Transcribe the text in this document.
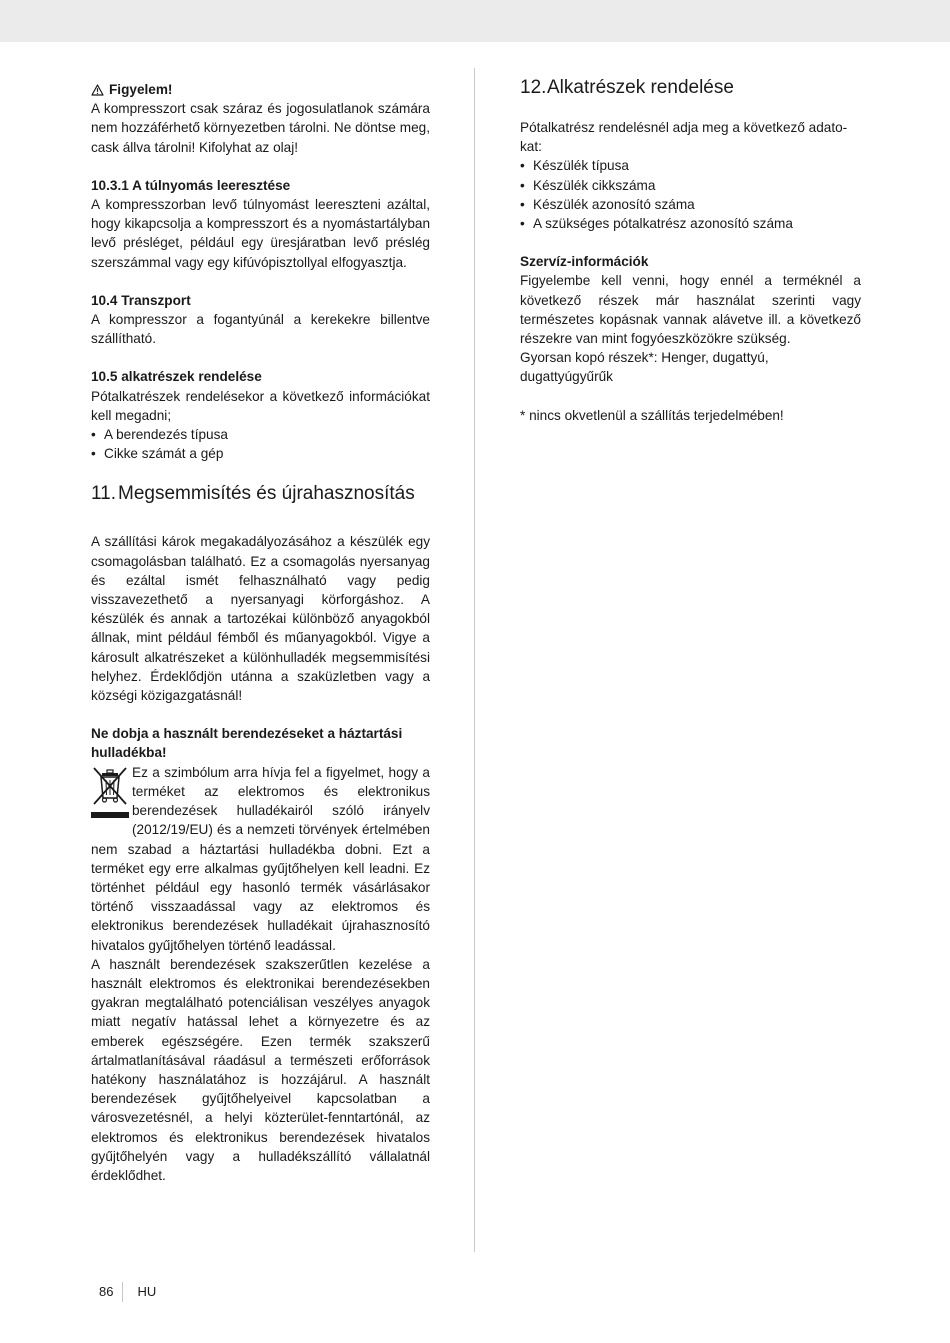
Figyelem!

A kompresszort csak száraz és jogosulatlanok számára nem hozzáférhető környezetben tárolni. Ne döntse meg, cask állva tárolni! Kifolyhat az olaj!

10.3.1 A túlnyomás leeresztése

A kompresszorban levő túlnyomást leereszteni azáltal, hogy kikapcsolja a kompresszort és a nyomástartályban levő présléget, például egy üresjáratban levő préslég szerszámmal vagy egy kifúvópisztollyal elfogyasztja.

10.4 Transzport

A kompresszor a fogantyúnál a kerekekre billentve szállítható.

10.5 alkatrészek rendelése

Pótalkatrészek rendelésekor a következő információkat kell megadni;

• A berendezés típusa
• Cikke számát a gép
11. Megsemmisítés és újrahasznosítás

A szállítási károk megakadályozásához a készülék egy csomagolásban található. Ez a csomagolás nyersanyag és ezáltal ismét felhasználható vagy pedig visszavezethető a nyersanyagi körforgáshoz. A készülék és annak a tartozékai különböző anyagokból állnak, mint például fémből és műanyagokból. Vigye a károsult alkatrészeket a különhulladék megsemmisítési helyhez. Érdeklődjön utánna a szaküzletben vagy a községi közigazgatásnál!

Ne dobja a használt berendezéseket a háztartási hulladékba!

Ez a szimbólum arra hívja fel a figyelmet, hogy a terméket az elektromos és elektronikus berendezések hulladékairól szóló irányelv (2012/19/EU) és a nemzeti törvények értelmében nem szabad a háztartási hulladékba dobni. Ezt a terméket egy erre alkalmas gyűjtőhelyen kell leadni. Ez történhet például egy hasonló termék vásárlásakor történő visszaadással vagy az elektromos és elektronikus berendezések hulladékait újrahasznosító hivatalos gyűjtőhelyen történő leadással.

A használt berendezések szakszerűtlen kezelése a használt elektromos és elektronikai berendezésekben gyakran megtalálható potenciálisan veszélyes anyagok miatt negatív hatással lehet a környezetre és az emberek egészségére. Ezen termék szakszerű ártalmatlanításával ráadásul a természeti erőforrások hatékony használatához is hozzájárul. A használt berendezések gyűjtőhelyeivel kapcsolatban a városvezetésnél, a helyi közterület-fenntartónál, az elektromos és elektronikus berendezések hivatalos gyűjtőhelyén vagy a hulladékszállító vállalatnál érdeklődhet.

12. Alkatrészek rendelése

Pótalkatrész rendelésnél adja meg a következő adato-kat:

• Készülék típusa
• Készülék cikkszáma
• Készülék azonosító száma
• A szükséges pótalkatrész azonosító száma

Szervíz-információk

Figyelembe kell venni, hogy ennél a terméknél a következő részek már használat szerinti vagy természetes kopásnak vannak alávetve ill. a következő részekre van mint fogyóeszközökre szükség.

Gyorsan kopó részek*: Henger, dugattyú, dugattyúgyűrűk

* nincs okvetlenül a szállítás terjedelmében!

86	HU
